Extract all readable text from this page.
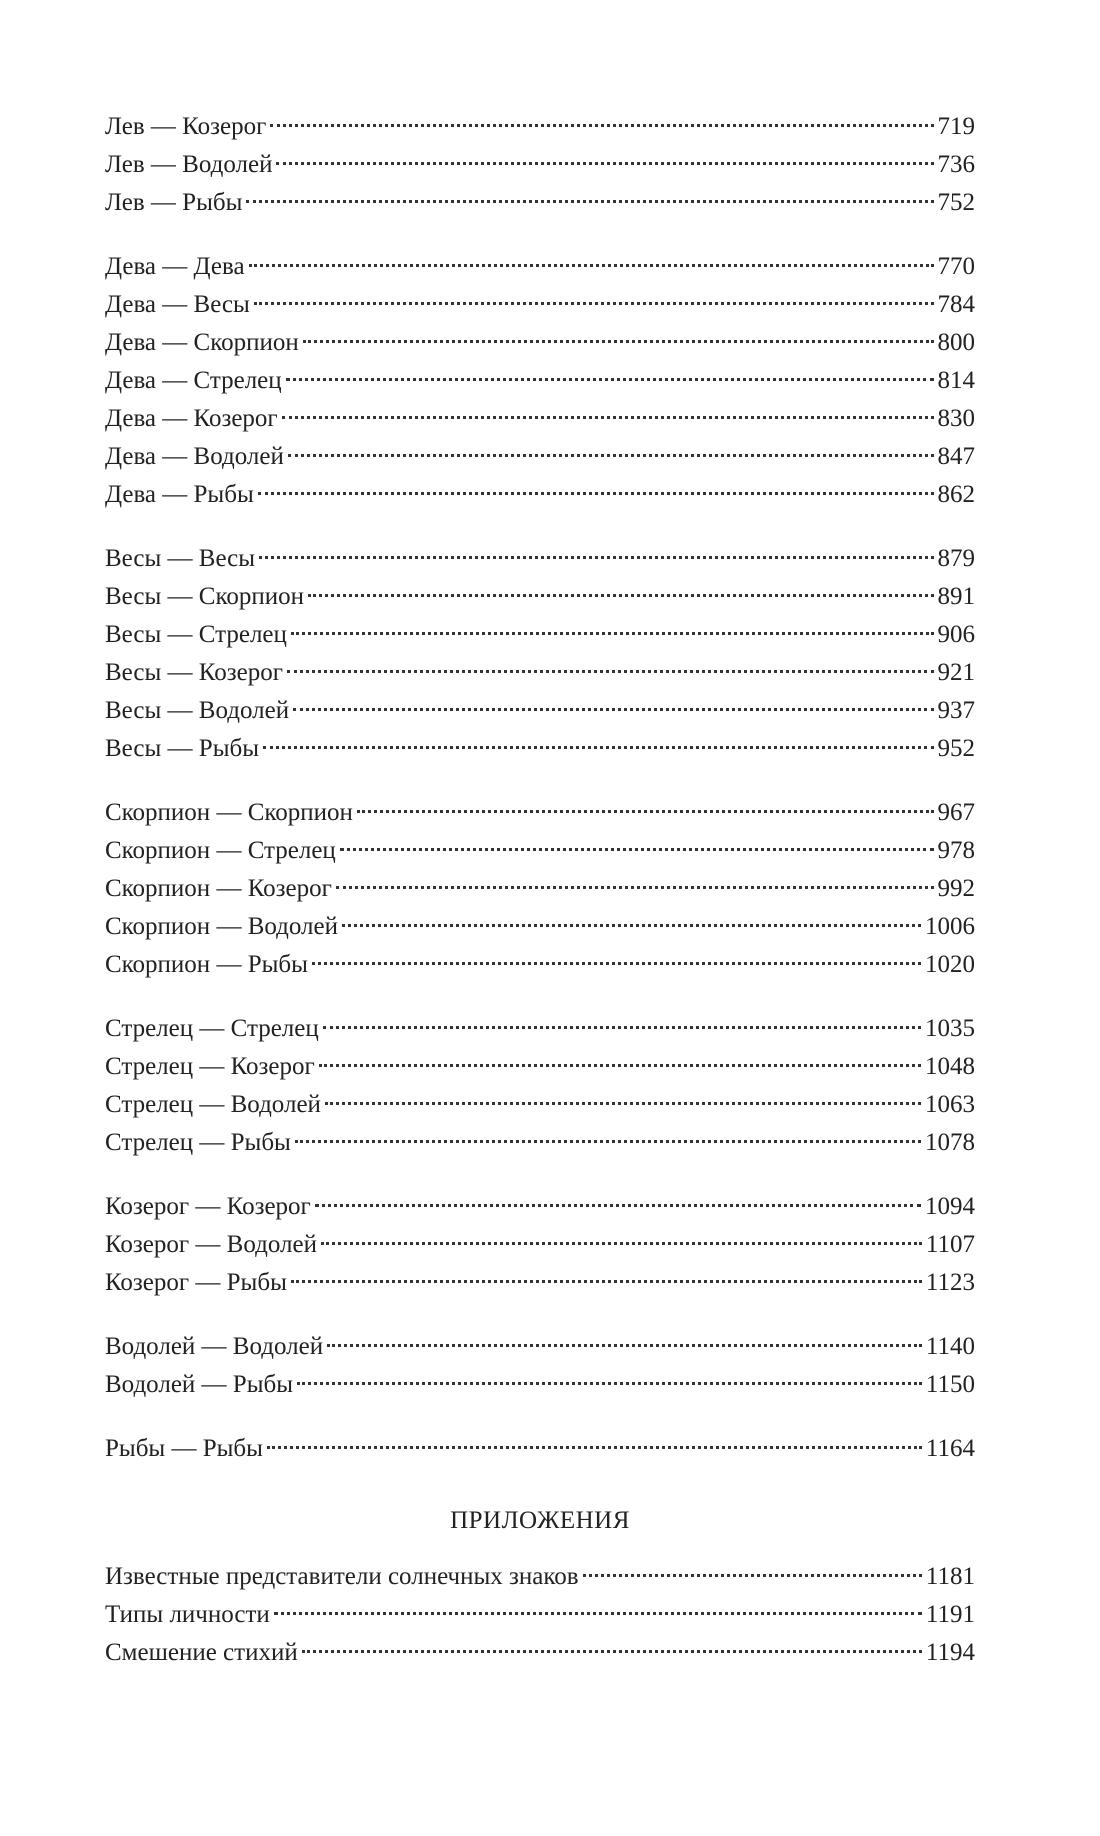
Лев — Козерог	719
Лев — Водолей	736
Лев — Рыбы	752
Дева — Дева	770
Дева — Весы	784
Дева — Скорпион	800
Дева — Стрелец	814
Дева — Козерог	830
Дева — Водолей	847
Дева — Рыбы	862
Весы — Весы	879
Весы — Скорпион	891
Весы — Стрелец	906
Весы — Козерог	921
Весы — Водолей	937
Весы — Рыбы	952
Скорпион — Скорпион	967
Скорпион — Стрелец	978
Скорпион — Козерог	992
Скорпион — Водолей	1006
Скорпион — Рыбы	1020
Стрелец — Стрелец	1035
Стрелец — Козерог	1048
Стрелец — Водолей	1063
Стрелец — Рыбы	1078
Козерог — Козерог	1094
Козерог — Водолей	1107
Козерог — Рыбы	1123
Водолей — Водолей	1140
Водолей — Рыбы	1150
Рыбы — Рыбы	1164
ПРИЛОЖЕНИЯ
Известные представители солнечных знаков	1181
Типы личности	1191
Смешение стихий	1194
